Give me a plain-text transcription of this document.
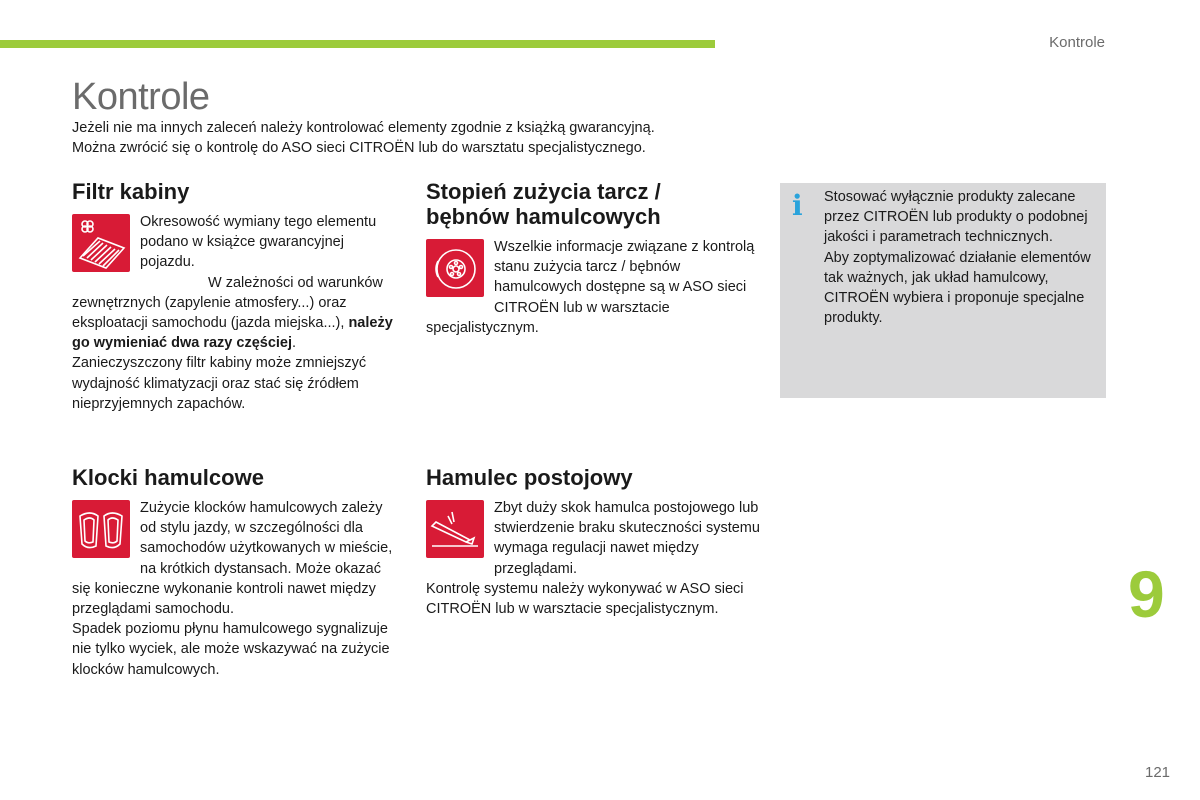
Kontrole
Kontrole
Jeżeli nie ma innych zaleceń należy kontrolować elementy zgodnie z książką gwarancyjną.
Można zwrócić się o kontrolę do ASO sieci CITROËN lub do warsztatu specjalistycznego.
Filtr kabiny

Okresowość wymiany tego elementu podano w książce gwarancyjnej pojazdu.

W zależności od warunków zewnętrznych (zapylenie atmosfery...) oraz eksploatacji samochodu (jazda miejska...), należy go wymieniać dwa razy częściej.

Zanieczyszczony filtr kabiny może zmniejszyć wydajność klimatyzacji oraz stać się źródłem nieprzyjemnych zapachów.

Stopień zużycia tarcz /
bębnów hamulcowych

Wszelkie informacje związane z kontrolą stanu zużycia tarcz / bębnów hamulcowych dostępne są w ASO sieci CITROËN lub w warsztacie specjalistycznym.

Klocki hamulcowe

Zużycie klocków hamulcowych zależy od stylu jazdy, w szczególności dla samochodów użytkowanych w mieście, na krótkich dystansach. Może okazać się konieczne wykonanie kontroli nawet między przeglądami samochodu.

Spadek poziomu płynu hamulcowego sygnalizuje nie tylko wyciek, ale może wskazywać na zużycie klocków hamulcowych.

Hamulec postojowy

Zbyt duży skok hamulca postojowego lub stwierdzenie braku skuteczności systemu wymaga regulacji nawet między przeglądami.

Kontrolę systemu należy wykonywać w ASO sieci CITROËN lub w warsztacie specjalistycznym.

i Stosować wyłącznie produkty zalecane przez CITROËN lub produkty o podobnej jakości i parametrach technicznych.

Aby zoptymalizować działanie elementów tak ważnych, jak układ hamulcowy, CITROËN wybiera i proponuje specjalne produkty.

9
121
